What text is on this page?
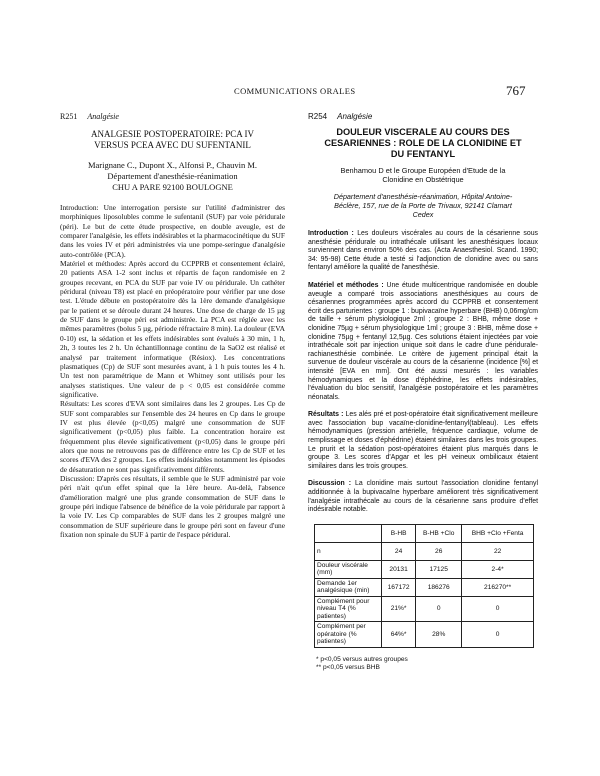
COMMUNICATIONS ORALES	767
R251 Analgésie
ANALGESIE POSTOPERATOIRE: PCA IV
VERSUS PCEA AVEC DU SUFENTANIL
Marignane C., Dupont X., Alfonsi P., Chauvin M.
Département d'anesthésie-réanimation
CHU A PARE 92100 BOULOGNE

Introduction: Une interrogation persiste sur l'utilité d'administrer des morphiniques liposolubles comme le sufentanil (SUF) par voie péridurale (péri). Le but de cette étude prospective, en double aveugle, est de comparer l'analgésie, les effets indésirables et la pharmacocinétique du SUF dans les voies IV et péri administrées via une pompe-seringue d'analgésie auto-contrôlée (PCA).

Matériel et méthodes: Après accord du CCPPRB et consentement éclairé, 20 patients ASA 1-2 sont inclus et répartis de façon randomisée en 2 groupes recevant, en PCA du SUF par voie IV ou péridurale. Un cathéter péridural (niveau T8) est placé en préopératoire pour vérifier par une dose test. L'étude débute en postopératoire dès la 1ère demande d'analgésique par le patient et se déroule durant 24 heures. Une dose de charge de 15 µg de SUF dans le groupe péri est administrée. La PCA est réglée avec les mêmes paramètres (bolus 5 µg, période réfractaire 8 min). La douleur (EVA 0-10) est, la sédation et les effets indésirables sont évalués à 30 min, 1 h, 2h, 3 toutes les 2 h. Un échantillonnage continu de la SaO2 est réalisé et analysé par traitement informatique (Résiox). Les concentrations plasmatiques (Cp) de SUF sont mesurées avant, à 1 h puis toutes les 4 h. Un test non paramétrique de Mann et Whitney sont utilisés pour les analyses statistiques. Une valeur de p < 0,05 est considérée comme significative.

Résultats: Les scores d'EVA sont similaires dans les 2 groupes. Les Cp de SUF sont comparables sur l'ensemble des 24 heures en Cp dans le groupe IV est plus élevée (p<0,05) malgré une consommation de SUF significativement (p<0,05) plus faible. La concentration horaire est fréquemment plus élevée significativement (p<0,05) dans le groupe péri alors que nous ne retrouvons pas de différence entre les Cp de SUF et les scores d'EVA des 2 groupes. Les effets indésirables notamment les épisodes de désaturation ne sont pas significativement différents.

Discussion: D'après ces résultats, il semble que le SUF administré par voie péri n'ait qu'un effet spinal que la 1ère heure. Au-delà, l'absence d'amélioration malgré une plus grande consommation de SUF dans le groupe péri indique l'absence de bénéfice de la voie péridurale par rapport à la voie IV. Les Cp comparables de SUF dans les 2 groupes malgré une consommation de SUF supérieure dans le groupe péri sont en faveur d'une fixation non spinale du SUF à partir de l'espace péridural.

R254 Analgésie
DOULEUR VISCERALE AU COURS DES
CESARIENNES : ROLE DE LA CLONIDINE ET
DU FENTANYL
Benhamou D et le Groupe Européen d'Etude de la
Clonidine en Obstétrique
Département d'anesthésie-réanimation, Hôpital Antoine-
Béclère, 157, rue de la Porte de Trivaux, 92141 Clamart
Cedex

Introduction : Les douleurs viscérales au cours de la césarienne sous anesthésie péridurale ou intrathécale utilisant les anesthésiques locaux surviennent dans environ 50% des cas. (Acta Anaesthesiol. Scand. 1990; 34: 95-98) Cette étude a testé si l'adjonction de clonidine avec ou sans fentanyl améliore la qualité de l'anesthésie.

Matériel et méthodes : Une étude multicentrique randomisée en double aveugle a comparé trois associations anesthésiques au cours de césariennes programmées après accord du CCPPRB et consentement écrit des parturientes : groupe 1 : bupivacaïne hyperbare (BHB) 0,06mg/cm de taille + sérum physiologique 2ml ; groupe 2 : BHB, même dose + clonidine 75µg + sérum physiologique 1ml ; groupe 3 : BHB, même dose + clonidine 75µg + fentanyl 12,5µg. Ces solutions étaient injectées par voie intrathécale soit par injection unique soit dans le cadre d'une péridurale-rachianesthésie combinée. Le critère de jugement principal était la survenue de douleur viscérale au cours de la césarienne (incidence [%] et intensité [EVA en mm]. Ont été aussi mesurés : les variables hémodynamiques et la dose d'éphédrine, les effets indésirables, l'évaluation du bloc sensitif, l'analgésie postopératoire et les paramètres néonatals.

Résultats : Les alés pré et post-opératoire était significativement meilleure avec l'association bup vacaïne-clonidine-fentanyl(tableau). Les effets hémodynamiques (pression artérielle, fréquence cardiaque, volume de remplissage et doses d'éphédrine) étaient similaires dans les trois groupes. Le prurit et la sédation post-opératoires étaient plus marqués dans le groupe 3. Les scores d'Apgar et les pH veineux ombilicaux étaient similaires dans les trois groupes.

Discussion : La clonidine mais surtout l'association clonidine fentanyl additionnée à la bupivacaïne hyperbare améliorent très significativement l'analgésie intrathécale au cours de la césarienne sans produire d'effet indésirable notable.

	B-HB	B-HB +Clo	BHB +Clo +Fenta
n	24	26	22
Douleur viscérale (mm)	20131	17125	2-4*
Demande 1er analgésique (min)	167172	186276	216270**
Complément pour niveau T4 (% patientes)	21%*	0	0
Complément per opératoire (% patientes)	64%*	28%	0
* p<0,05 versus autres groupes
** p<0,05 versus BHB
